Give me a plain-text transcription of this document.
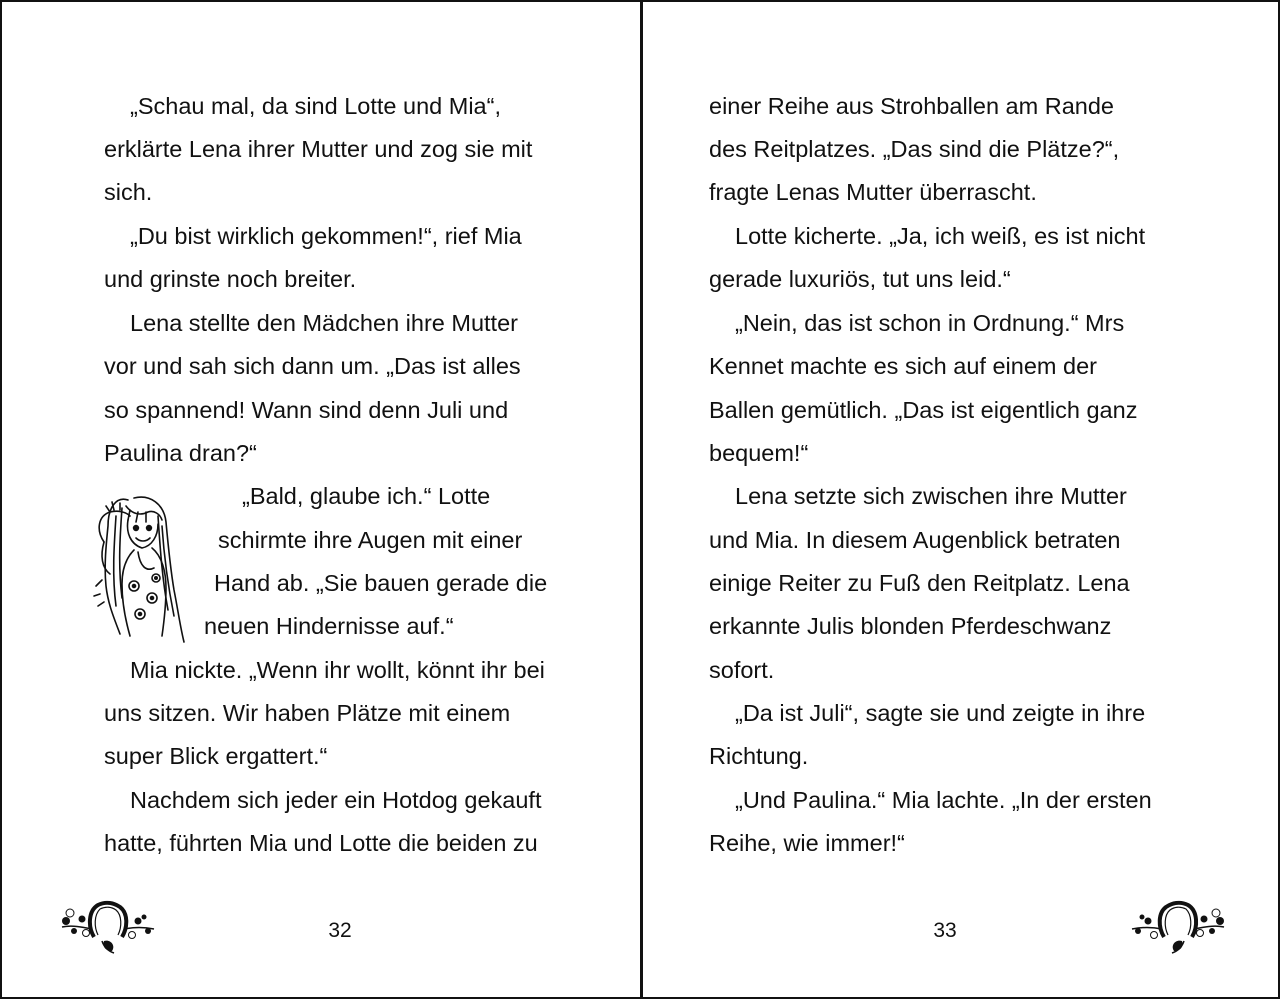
„Schau mal, da sind Lotte und Mia“,
erklärte Lena ihrer Mutter und zog sie mit
sich.
„Du bist wirklich gekommen!“, rief Mia
und grinste noch breiter.
Lena stellte den Mädchen ihre Mutter
vor und sah sich dann um. „Das ist alles
so spannend! Wann sind denn Juli und
Paulina dran?“
„Bald, glaube ich.“ Lotte
schirmte ihre Augen mit einer
Hand ab. „Sie bauen gerade die
neuen Hindernisse auf.“
Mia nickte. „Wenn ihr wollt, könnt ihr bei
uns sitzen. Wir haben Plätze mit einem
super Blick ergattert.“
Nachdem sich jeder ein Hotdog gekauft
hatte, führten Mia und Lotte die beiden zu
32
einer Reihe aus Strohballen am Rande
des Reitplatzes. „Das sind die Plätze?“,
fragte Lenas Mutter überrascht.
Lotte kicherte. „Ja, ich weiß, es ist nicht
gerade luxuriös, tut uns leid.“
„Nein, das ist schon in Ordnung.“ Mrs
Kennet machte es sich auf einem der
Ballen gemütlich. „Das ist eigentlich ganz
bequem!“
Lena setzte sich zwischen ihre Mutter
und Mia. In diesem Augenblick betraten
einige Reiter zu Fuß den Reitplatz. Lena
erkannte Julis blonden Pferdeschwanz
sofort.
„Da ist Juli“, sagte sie und zeigte in ihre
Richtung.
„Und Paulina.“ Mia lachte. „In der ersten
Reihe, wie immer!“
33
